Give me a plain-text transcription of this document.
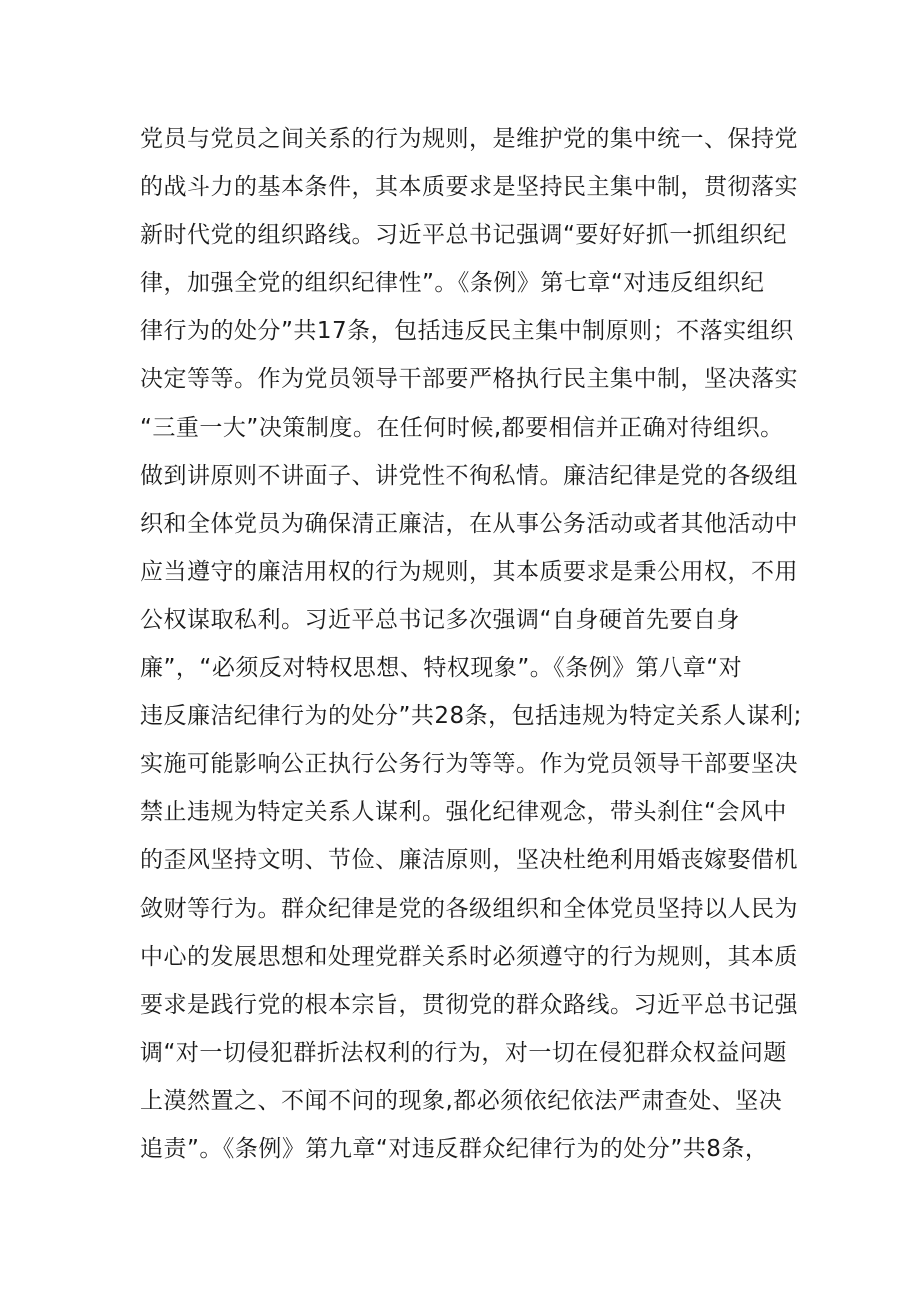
党员与党员之间关系的行为规则，是维护党的集中统一、保持党

的战斗力的基本条件，其本质要求是坚持民主集中制，贯彻落实

新时代党的组织路线。习近平总书记强调“要好好抓一抓组织纪

律，加强全党的组织纪律性”。《条例》第七章“对违反组织纪

律行为的处分”共17条，包括违反民主集中制原则；不落实组织

决定等等。作为党员领导干部要严格执行民主集中制，坚决落实

“三重一大”决策制度。在任何时候,都要相信并正确对待组织。

做到讲原则不讲面子、讲党性不徇私情。廉洁纪律是党的各级组

织和全体党员为确保清正廉洁，在从事公务活动或者其他活动中

应当遵守的廉洁用权的行为规则，其本质要求是秉公用权，不用

公权谋取私利。习近平总书记多次强调“自身硬首先要自身

廉”，“必须反对特权思想、特权现象”。《条例》第八章“对

违反廉洁纪律行为的处分”共28条，包括违规为特定关系人谋利;

实施可能影响公正执行公务行为等等。作为党员领导干部要坚决

禁止违规为特定关系人谋利。强化纪律观念，带头刹住“会风中

的歪风坚持文明、节俭、廉洁原则，坚决杜绝利用婚丧嫁娶借机

敛财等行为。群众纪律是党的各级组织和全体党员坚持以人民为

中心的发展思想和处理党群关系时必须遵守的行为规则，其本质

要求是践行党的根本宗旨，贯彻党的群众路线。习近平总书记强

调“对一切侵犯群折法权利的行为，对一切在侵犯群众权益问题

上漠然置之、不闻不问的现象,都必须依纪依法严肃查处、坚决

追责”。《条例》第九章“对违反群众纪律行为的处分”共8条，
